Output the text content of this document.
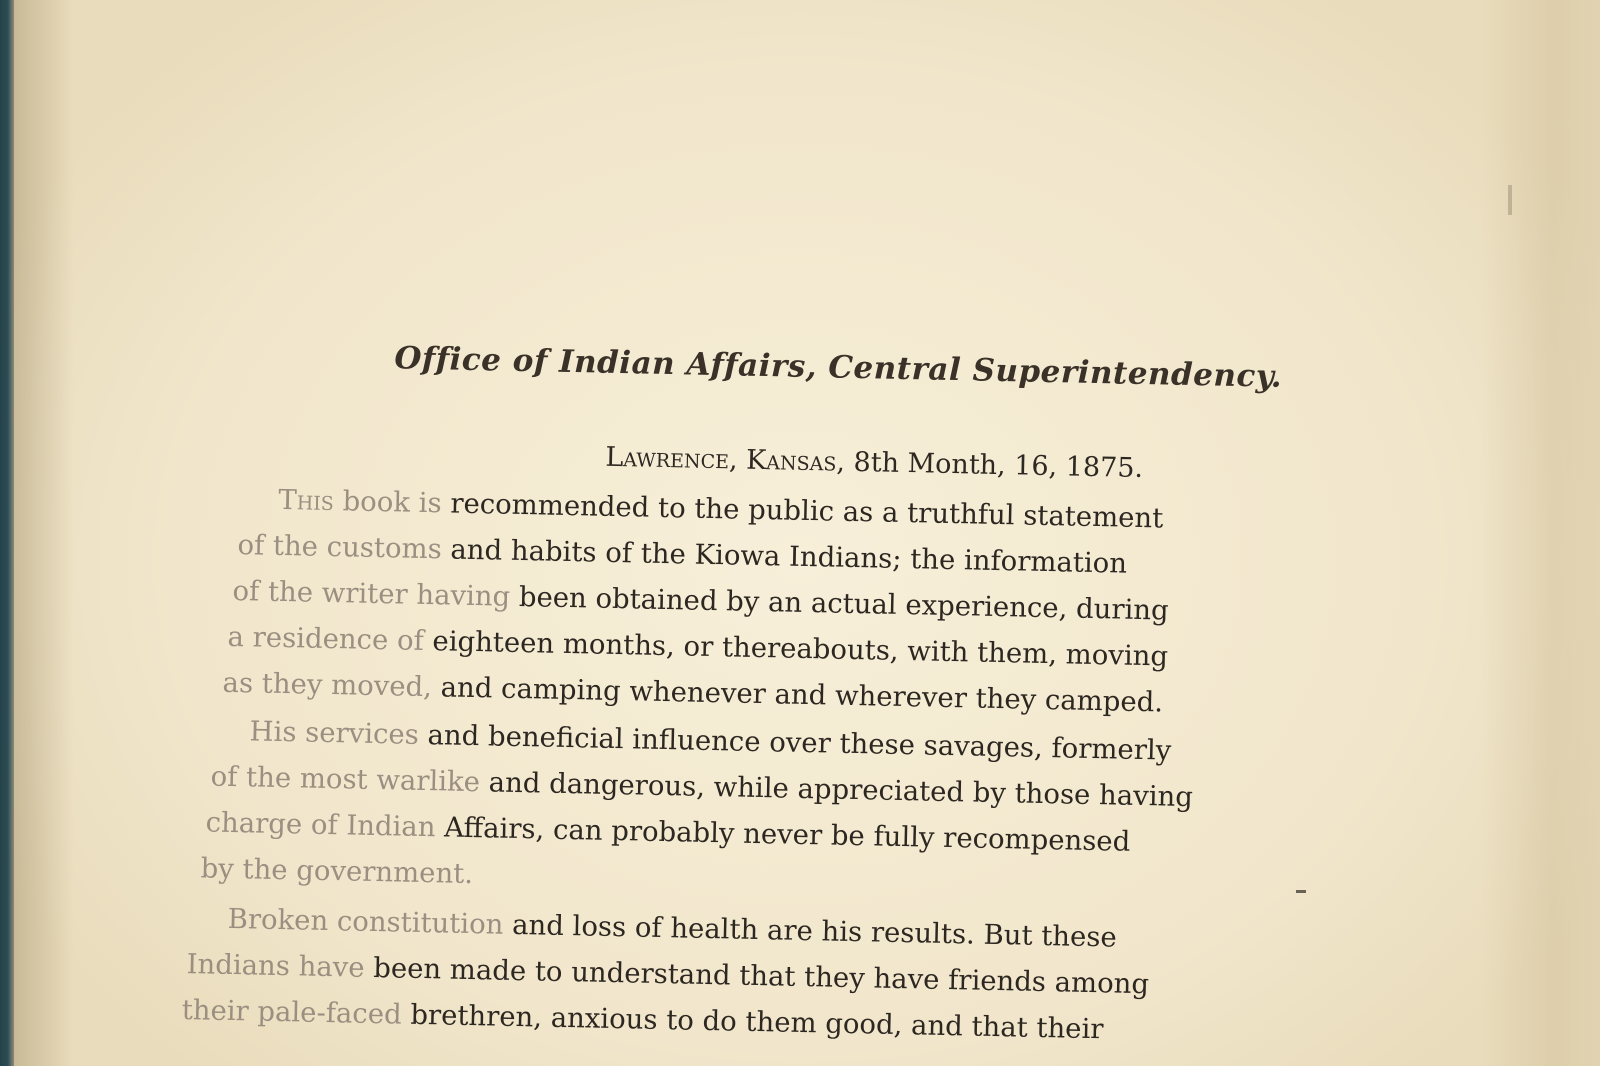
Office of Indian Affairs, Central Superintendency.
Lawrence, Kansas, 8th Month, 16, 1875.
This book is recommended to the public as a truthful statement
of the customs and habits of the Kiowa Indians; the information
of the writer having been obtained by an actual experience, during
a residence of eighteen months, or thereabouts, with them, moving
as they moved, and camping whenever and wherever they camped.
His services and beneficial influence over these savages, formerly
of the most warlike and dangerous, while appreciated by those having
charge of Indian Affairs, can probably never be fully recompensed
by the government.
Broken constitution and loss of health are his results. But these
Indians have been made to understand that they have friends among
their pale-faced brethren, anxious to do them good, and that their
